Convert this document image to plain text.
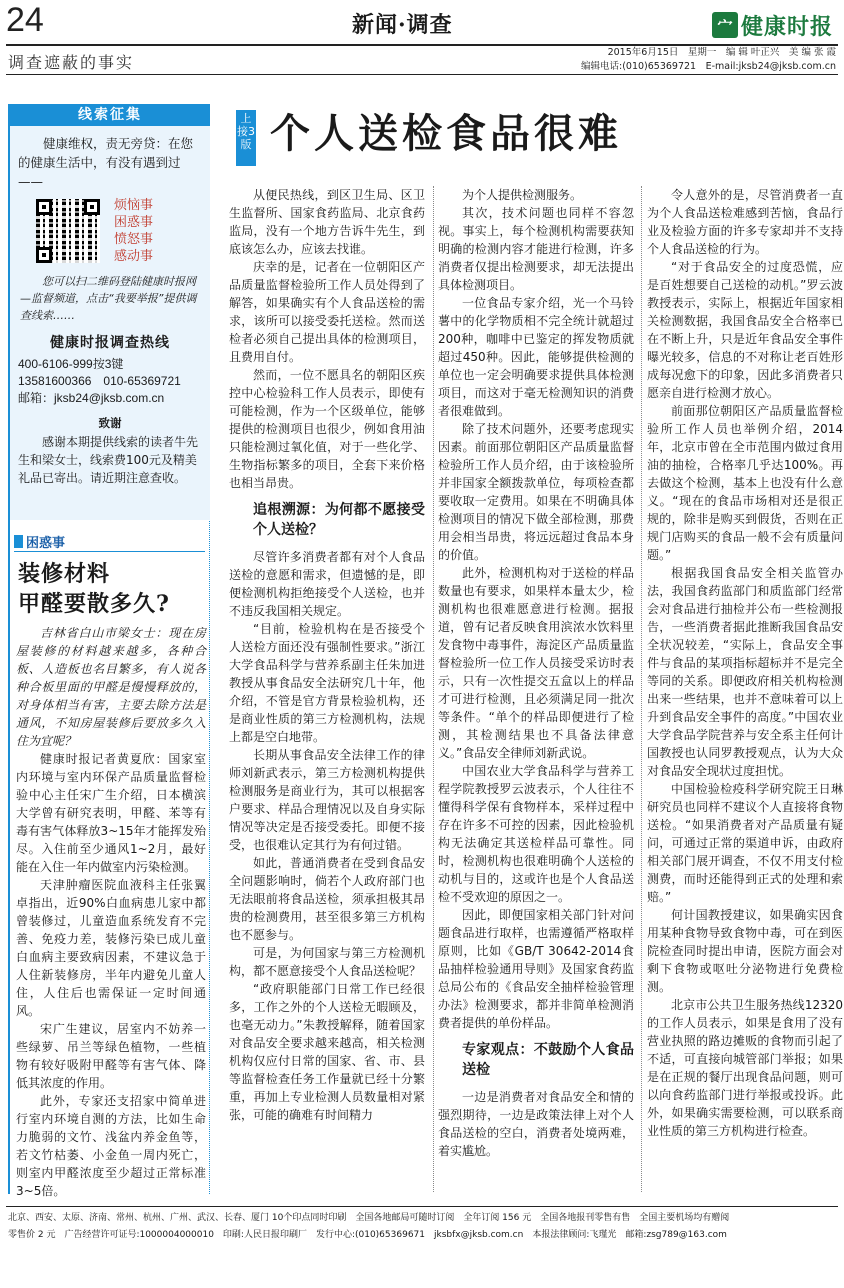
24	新闻·调查	宀 健康时报
调查遮蔽的事实
2015年6月15日　星期一　编 辑 叶正兴　美 编 张 霞
编辑电话:(010)65369721　E-mail:jksb24@jksb.com.cn
线索征集
健康维权，责无旁贷：在您的健康生活中，有没有遇到过——
烦恼事
困惑事
愤怒事
感动事
您可以扫二维码登陆健康时报网—监督频道，点击“我要举报”提供调查线索……
健康时报调查热线
400-6106-999按3键
13581600366　010-65369721
邮箱：jksb24@jksb.com.cn
致谢
感谢本期提供线索的读者牛先生和梁女士，线索费100元及精美礼品已寄出。请近期注意查收。
困惑事
装修材料
甲醛要散多久?

吉林省白山市梁女士：现在房屋装修的材料越来越多，各种合板、人造板也名目繁多，有人说各种合板里面的甲醛是慢慢释放的，对身体相当有害，主要去除方法是通风，不知房屋装修后要放多久入住为宜呢？

健康时报记者黄夏欣：国家室内环境与室内环保产品质量监督检验中心主任宋广生介绍，日本横滨大学曾有研究表明，甲醛、苯等有毒有害气体释放3~15年才能挥发殆尽。入住前至少通风1~2月，最好能在入住一年内做室内污染检测。

天津肿瘤医院血液科主任张翼卓指出，近90%白血病患儿家中都曾装修过，儿童造血系统发育不完善、免疫力差，装修污染已成儿童白血病主要致病因素，不建议急于人住新装修房，半年内避免儿童人住，人住后也需保证一定时间通风。

宋广生建议，居室内不妨养一些绿萝、吊兰等绿色植物，一些植物有较好吸附甲醛等有害气体、降低其浓度的作用。

此外，专家还支招家中简单进行室内环境自测的方法，比如生命力脆弱的文竹、浅盆内养金鱼等，若文竹枯萎、小金鱼一周内死亡，则室内甲醛浓度至少超过正常标准3~5倍。

上接3版 个人送检食品很难

从便民热线，到区卫生局、区卫生监督所、国家食药监局、北京食药监局，没有一个地方告诉牛先生，到底该怎么办，应该去找谁。

庆幸的是，记者在一位朝阳区产品质量监督检验所工作人员处得到了解答，如果确实有个人食品送检的需求，该所可以接受委托送检。然而送检者必须自己提出具体的检测项目，且费用自付。

然而，一位不愿具名的朝阳区疾控中心检验科工作人员表示，即使有可能检测，作为一个区级单位，能够提供的检测项目也很少，例如食用油只能检测过氧化值，对于一些化学、生物指标繁多的项目，全套下来价格也相当昂贵。

追根溯源：为何都不愿接受个人送检？

尽管许多消费者都有对个人食品送检的意愿和需求，但遗憾的是，即便检测机构拒绝接受个人送检，也并不违反我国相关规定。

“目前，检验机构在是否接受个人送检方面还没有强制性要求。”浙江大学食品科学与营养系副主任朱加进教授从事食品安全法研究几十年，他介绍，不管是官方背景检验机构，还是商业性质的第三方检测机构，法规上都是空白地带。

长期从事食品安全法律工作的律师刘新武表示，第三方检测机构提供检测服务是商业行为，其可以根据客户要求、样品合理情况以及自身实际情况等决定是否接受委托。即便不接受，也很难认定其行为有何过错。

如此，普通消费者在受到食品安全问题影响时，倘若个人政府部门也无法眼前将食品送检，须承担极其昂贵的检测费用，甚至很多第三方机构也不愿参与。

可是，为何国家与第三方检测机构，都不愿意接受个人食品送检呢？

“政府职能部门日常工作已经很多，工作之外的个人送检无暇顾及，也毫无动力。”朱教授解释，随着国家对食品安全要求越来越高，相关检测机构仅应付日常的国家、省、市、县等监督检查任务工作量就已经十分繁重，再加上专业检测人员数量相对紧张，可能的确难有时间精力

为个人提供检测服务。

其次，技术问题也同样不容忽视。事实上，每个检测机构需要获知明确的检测内容才能进行检测，许多消费者仅提出检测要求，却无法提出具体检测项目。

一位食品专家介绍，光一个马铃薯中的化学物质相不完全统计就超过200种，咖啡中已鉴定的挥发物质就超过450种。因此，能够提供检测的单位也一定会明确要求提供具体检测项目，而这对于毫无检测知识的消费者很难做到。

除了技术问题外，还要考虑现实因素。前面那位朝阳区产品质量监督检验所工作人员介绍，由于该检验所并非国家全额拨款单位，每项检查都要收取一定费用。如果在不明确具体检测项目的情况下做全部检测，那费用会相当昂贵，将远远超过食品本身的价值。

此外，检测机构对于送检的样品数量也有要求，如果样本量太少，检测机构也很难愿意进行检测。据报道，曾有记者反映食用滨浓水饮料里发食物中毒事件，海淀区产品质量监督检验所一位工作人员接受采访时表示，只有一次性提交五盒以上的样品才可进行检测，且必须满足同一批次等条件。“单个的样品即便进行了检测，其检测结果也不具备法律意义。”食品安全律师刘新武说。

中国农业大学食品科学与营养工程学院教授罗云波表示，个人往往不懂得科学保有食物样本，采样过程中存在许多不可控的因素，因此检验机构无法确定其送检样品可靠性。同时，检测机构也很难明确个人送检的动机与目的，这或许也是个人食品送检不受欢迎的原因之一。

因此，即便国家相关部门针对问题食品进行取样，也需遵循严格取样原则，比如《GB/T 30642-2014食品抽样检验通用导则》及国家食药监总局公布的《食品安全抽样检验管理办法》检测要求，都并非简单检测消费者提供的单份样品。

专家观点：不鼓励个人食品送检

一边是消费者对食品安全和情的强烈期待，一边是政策法律上对个人食品送检的空白，消费者处境两难，着实尴尬。

令人意外的是，尽管消费者一直为个人食品送检难感到苦恼，食品行业及检验方面的许多专家却并不支持个人食品送检的行为。

“对于食品安全的过度恐慌，应是百姓想要自己送检的动机。”罗云波教授表示，实际上，根据近年国家相关检测数据，我国食品安全合格率已在不断上升，只是近年食品安全事件曝光较多，信息的不对称让老百姓形成每况愈下的印象，因此多消费者只愿亲自进行检测才放心。

前面那位朝阳区产品质量监督检验所工作人员也举例介绍，2014年，北京市曾在全市范围内做过食用油的抽检，合格率几乎达100%。再去做这个检测，基本上也没有什么意义。“现在的食品市场相对还是很正规的，除非是购买到假货，否则在正规门店购买的食品一般不会有质量问题。”

根据我国食品安全相关监管办法，我国食药监部门和质监部门经常会对食品进行抽检并公布一些检测报告，一些消费者据此推断我国食品安全状况较差，“实际上，食品安全事件与食品的某项指标超标并不是完全等同的关系。即便政府相关机构检测出来一些结果，也并不意味着可以上升到食品安全事件的高度。”中国农业大学食品学院营养与安全系主任何计国教授也认同罗教授观点，认为大众对食品安全现状过度担忧。

中国检验检疫科学研究院王日琳研究员也同样不建议个人直接将食物送检。“如果消费者对产品质量有疑问，可通过正常的渠道申诉，由政府相关部门展开调查，不仅不用支付检测费，而时还能得到正式的处理和索赔。”

何计国教授建议，如果确实因食用某种食物导致食物中毒，可在到医院检查同时提出申请，医院方面会对剩下食物或呕吐分泌物进行免费检测。

北京市公共卫生服务热线12320的工作人员表示，如果是食用了没有营业执照的路边摊贩的食物而引起了不适，可直接向城管部门举报；如果是在正规的餐厅出现食品问题，则可以向食药监部门进行举报或投诉。此外，如果确实需要检测，可以联系商业性质的第三方机构进行检查。

北京、西安、太原、济南、常州、杭州、广州、武汉、长春、厦门 10个印点同时印刷　全国各地邮局可随时订阅　全年订阅 156 元　全国各地报刊零售有售　全国主要机场均有赠阅
零售价 2 元　广告经营许可证号:1000004000010　印刷:人民日报印刷厂　发行中心:(010)65369671　jksbfx@jksb.com.cn　本报法律顾问:飞瑾光　邮箱:zsg789@163.com
